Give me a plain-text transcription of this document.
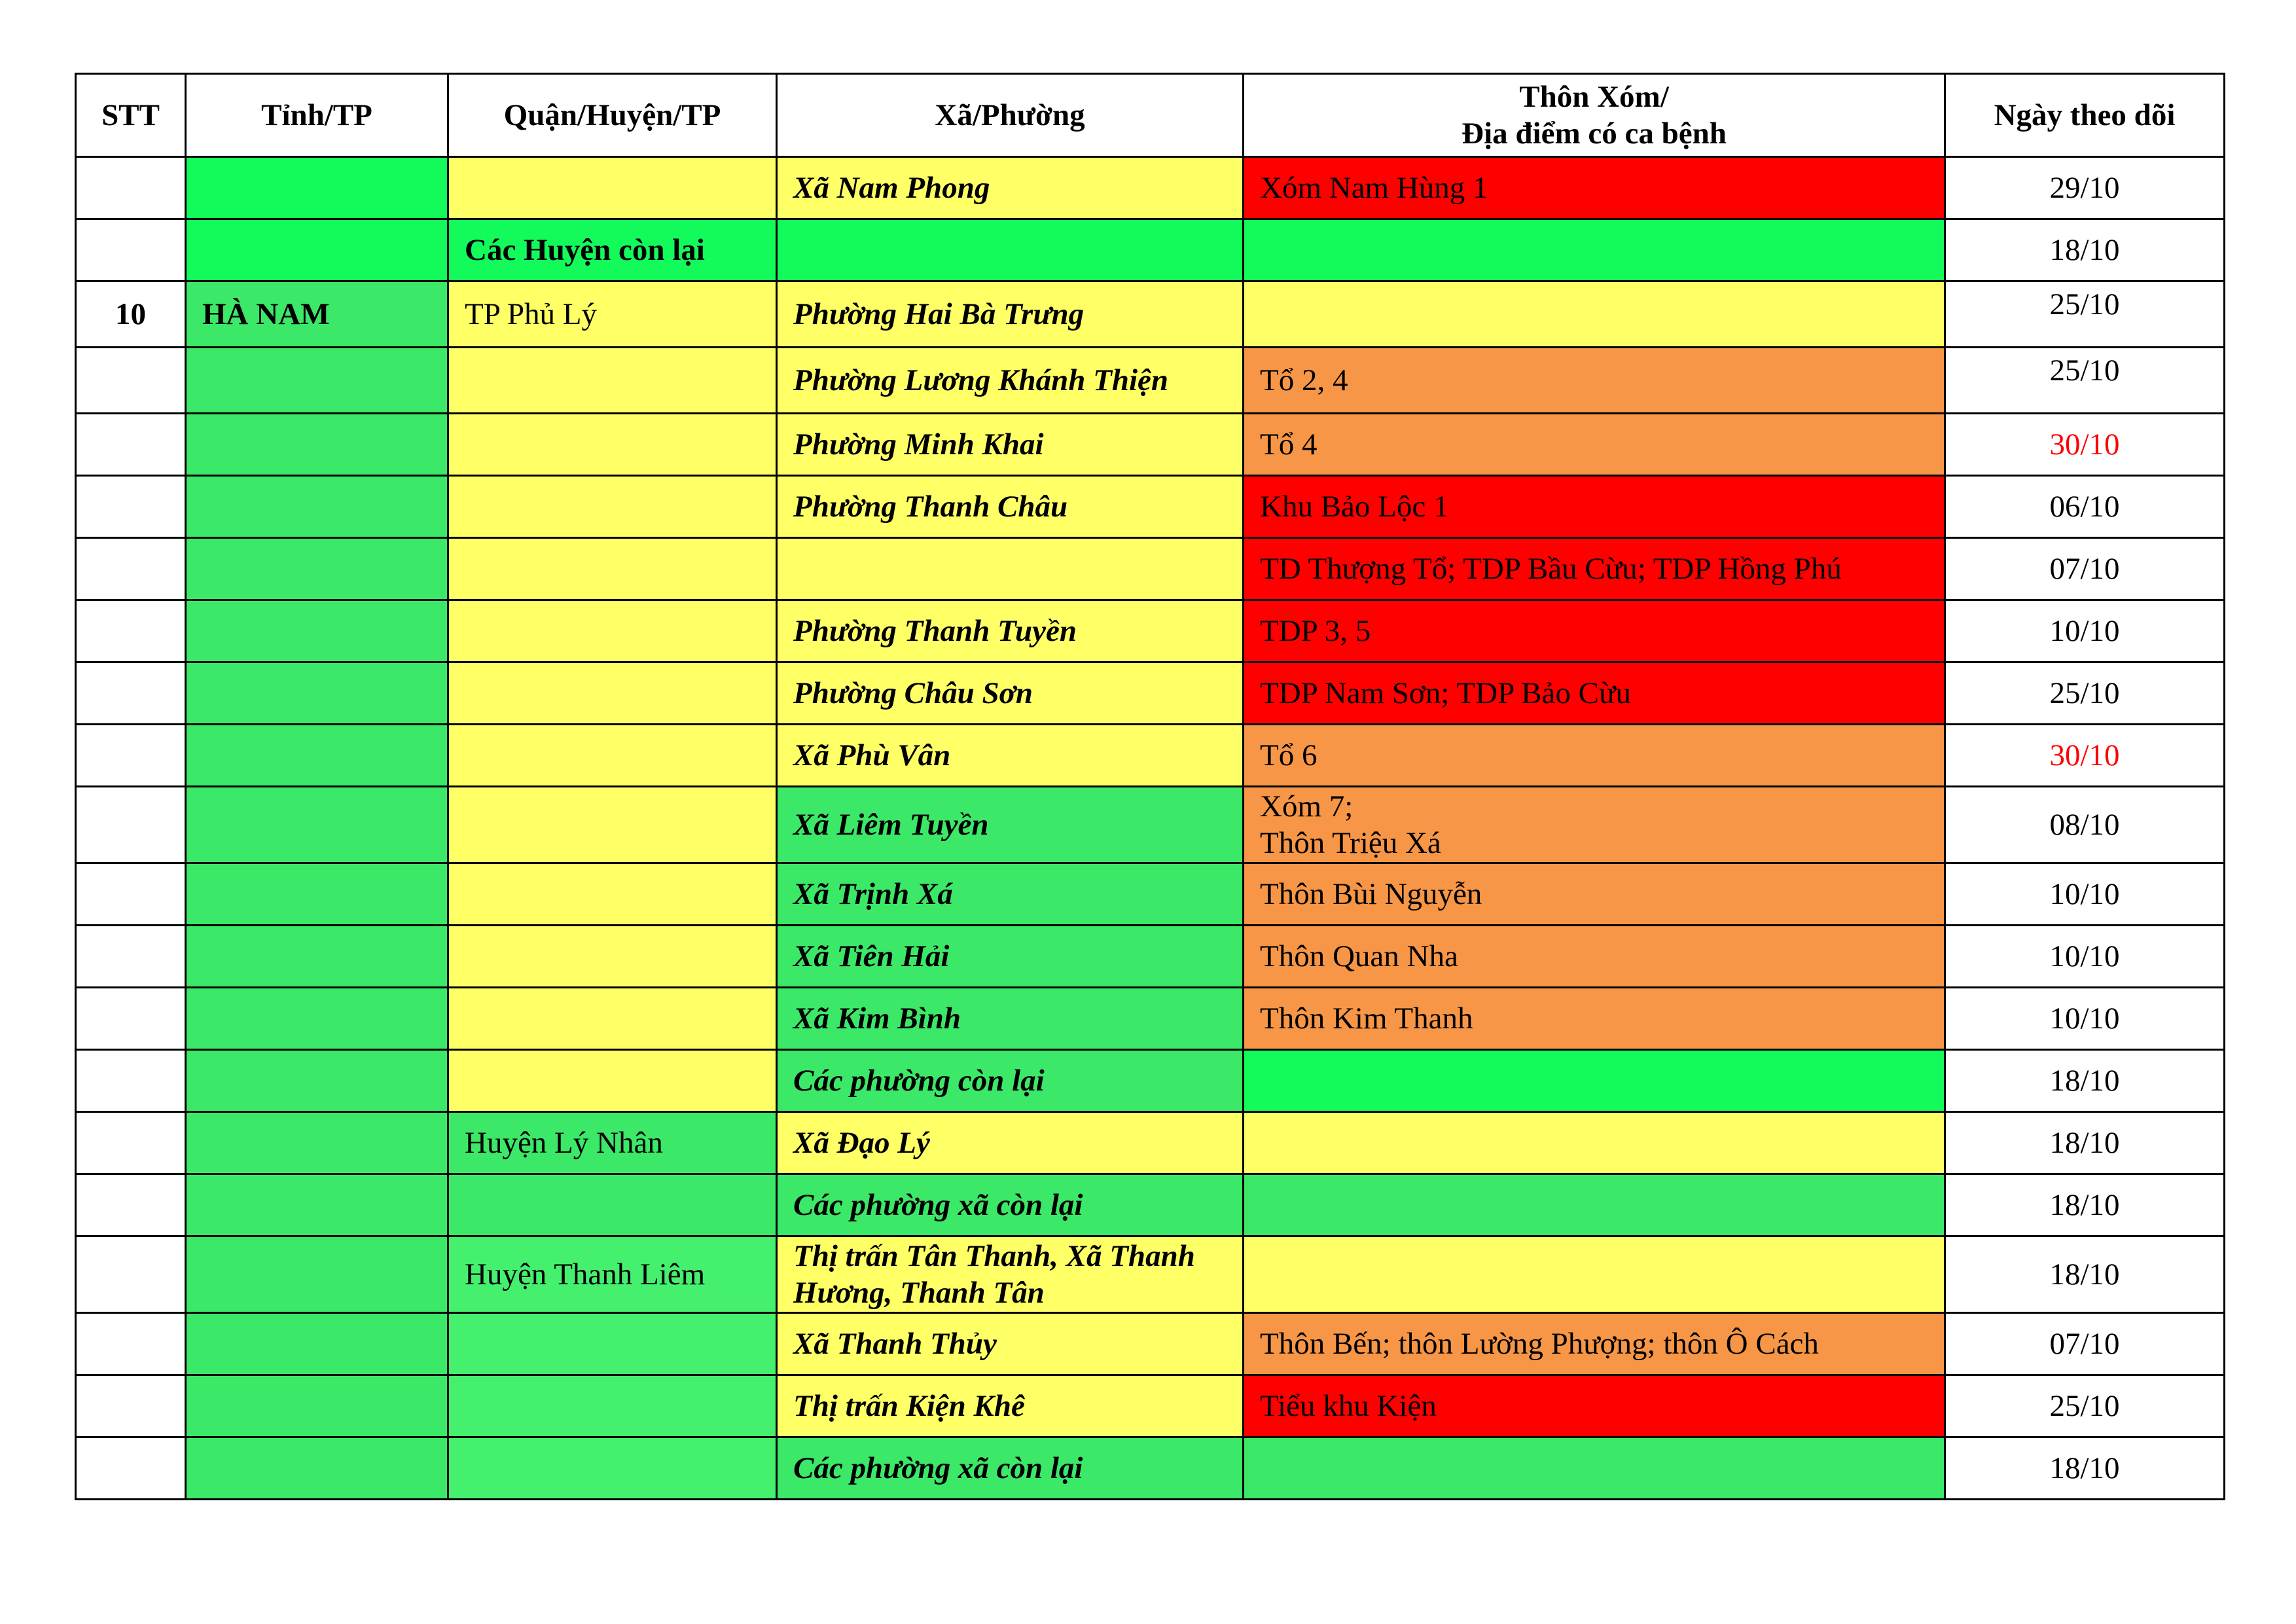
STT	Tỉnh/TP	Quận/Huyện/TP	Xã/Phường	Thôn Xóm/
Địa điểm có ca bệnh	Ngày theo dõi
			Xã Nam Phong	Xóm Nam Hùng 1	29/10
		Các Huyện còn lại			18/10
10	HÀ NAM	TP Phủ Lý	Phường Hai Bà Trưng		25/10
			Phường Lương Khánh Thiện	Tổ 2, 4	25/10
			Phường Minh Khai	Tổ 4	30/10
			Phường Thanh Châu	Khu Bảo Lộc 1	06/10
				TD Thượng Tổ; TDP Bầu Cừu; TDP Hồng Phú	07/10
			Phường Thanh Tuyền	TDP 3, 5	10/10
			Phường Châu Sơn	TDP Nam Sơn; TDP Bảo Cừu	25/10
			Xã Phù Vân	Tổ 6	30/10
			Xã Liêm Tuyền	Xóm 7;
Thôn Triệu Xá	08/10
			Xã Trịnh Xá	Thôn Bùi Nguyễn	10/10
			Xã Tiên Hải	Thôn Quan Nha	10/10
			Xã Kim Bình	Thôn Kim Thanh	10/10
			Các phường còn lại		18/10
		Huyện Lý Nhân	Xã Đạo Lý		18/10
			Các phường xã còn lại		18/10
		Huyện Thanh Liêm	Thị trấn Tân Thanh, Xã Thanh
Hương, Thanh Tân		18/10
			Xã Thanh Thủy	Thôn Bến; thôn Lường Phượng; thôn Ô Cách	07/10
			Thị trấn Kiện Khê	Tiểu khu Kiện	25/10
			Các phường xã còn lại		18/10
